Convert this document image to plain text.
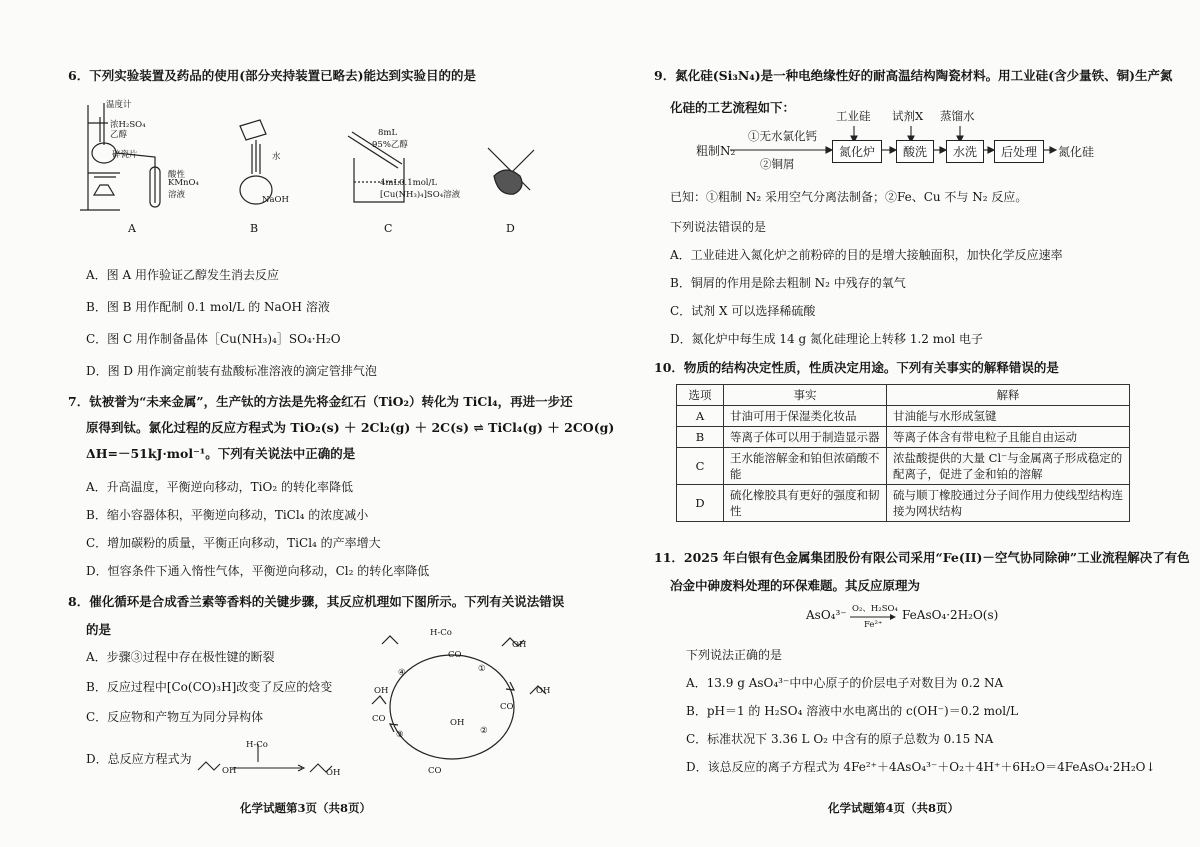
6．下列实验装置及药品的使用(部分夹持装置已略去)能达到实验目的的是
温度计
浓H₂SO₄
乙醇
碎瓷片
酸性
KMnO₄
溶液
A
水
NaOH
B
8mL
95%乙醇
4mL0.1mol/L
[Cu(NH₃)₄]SO₄溶液
C	D
A．图 A 用作验证乙醇发生消去反应
B．图 B 用作配制 0.1 mol/L 的 NaOH 溶液
C．图 C 用作制备晶体［Cu(NH₃)₄］SO₄·H₂O
D．图 D 用作滴定前装有盐酸标准溶液的滴定管排气泡
7．钛被誉为“未来金属”，生产钛的方法是先将金红石（TiO₂）转化为 TiCl₄，再进一步还
原得到钛。氯化过程的反应方程式为 TiO₂(s) ＋ 2Cl₂(g) ＋ 2C(s) ⇌ TiCl₄(g) ＋ 2CO(g)
ΔH=－51kJ·mol⁻¹。下列有关说法中正确的是
A．升高温度，平衡逆向移动，TiO₂ 的转化率降低
B．缩小容器体积，平衡逆向移动，TiCl₄ 的浓度减小
C．增加碳粉的质量，平衡正向移动，TiCl₄ 的产率增大
D．恒容条件下通入惰性气体，平衡逆向移动，Cl₂ 的转化率降低
8．催化循环是合成香兰素等香料的关键步骤，其反应机理如下图所示。下列有关说法错误
的是
A．步骤③过程中存在极性键的断裂
B．反应过程中[Co(CO)₃H]改变了反应的焓变
C．反应物和产物互为同分异构体
D．总反应方程式为
OH	OH
H-Co
①
②
③
④
H-Co
OH
OH
OH
OH
CO
CO
CO
CO
化学试题第3页（共8页）
9．氮化硅(Si₃N₄)是一种电绝缘性好的耐高温结构陶瓷材料。用工业硅(含少量铁、铜)生产氮
化硅的工艺流程如下：
粗制N₂
①无水氯化钙
②铜屑
工业硅 试剂X 蒸馏水
氮化炉	酸洗	水洗	后处理	氮化硅
已知：①粗制 N₂ 采用空气分离法制备；②Fe、Cu 不与 N₂ 反应。
下列说法错误的是
A．工业硅进入氮化炉之前粉碎的目的是增大接触面积，加快化学反应速率
B．铜屑的作用是除去粗制 N₂ 中残存的氧气
C．试剂 X 可以选择稀硫酸
D．氮化炉中每生成 14 g 氮化硅理论上转移 1.2 mol 电子
10．物质的结构决定性质，性质决定用途。下列有关事实的解释错误的是
选项	事实	解释
A	甘油可用于保湿类化妆品	甘油能与水形成氢键
B	等离子体可以用于制造显示器	等离子体含有带电粒子且能自由运动
C	王水能溶解金和铂但浓硝酸不能	浓盐酸提供的大量 Cl⁻与金属离子形成稳定的配离子，促进了金和铂的溶解
D	硫化橡胶具有更好的强度和韧性	硫与顺丁橡胶通过分子间作用力使线型结构连接为网状结构
11．2025 年白银有色金属集团股份有限公司采用“Fe(II)－空气协同除砷”工业流程解决了有色
冶金中砷废料处理的环保难题。其反应原理为
AsO₄³⁻ O₂、H₂SO₄
Fe²⁺
FeAsO₄·2H₂O(s)
下列说法正确的是
A．13.9 g AsO₄³⁻中中心原子的价层电子对数目为 0.2 NA
B．pH＝1 的 H₂SO₄ 溶液中水电离出的 c(OH⁻)＝0.2 mol/L
C．标准状况下 3.36 L O₂ 中含有的原子总数为 0.15 NA
D．该总反应的离子方程式为 4Fe²⁺＋4AsO₄³⁻＋O₂＋4H⁺＋6H₂O＝4FeAsO₄·2H₂O↓
化学试题第4页（共8页）
